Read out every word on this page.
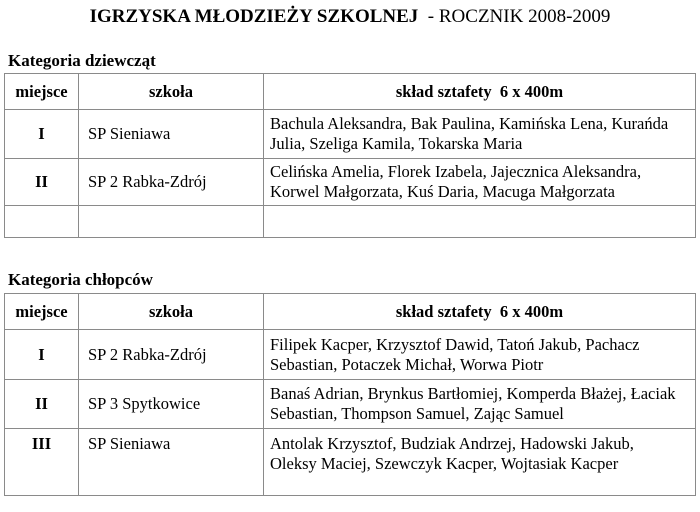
IGRZYSKA MŁODZIEŻY SZKOLNEJ  - ROCZNIK 2008-2009
Kategoria dziewcząt
miejsce	szkoła	skład sztafety  6 x 400m
I	SP Sieniawa	Bachula Aleksandra, Bak Paulina, Kamińska Lena, Kurańda Julia, Szeliga Kamila, Tokarska Maria
II	SP 2 Rabka-Zdrój	Celińska Amelia, Florek Izabela, Jajecznica Aleksandra, Korwel Małgorzata, Kuś Daria, Macuga Małgorzata

Kategoria chłopców
miejsce	szkoła	skład sztafety  6 x 400m
I	SP 2 Rabka-Zdrój	Filipek Kacper, Krzysztof Dawid, Tatoń Jakub, Pachacz Sebastian, Potaczek Michał, Worwa Piotr
II	SP 3 Spytkowice	Banaś Adrian, Brynkus Bartłomiej, Komperda Błażej, Łaciak Sebastian, Thompson Samuel, Zając Samuel
III	SP Sieniawa	Antolak Krzysztof, Budziak Andrzej, Hadowski Jakub, Oleksy Maciej, Szewczyk Kacper, Wojtasiak Kacper
